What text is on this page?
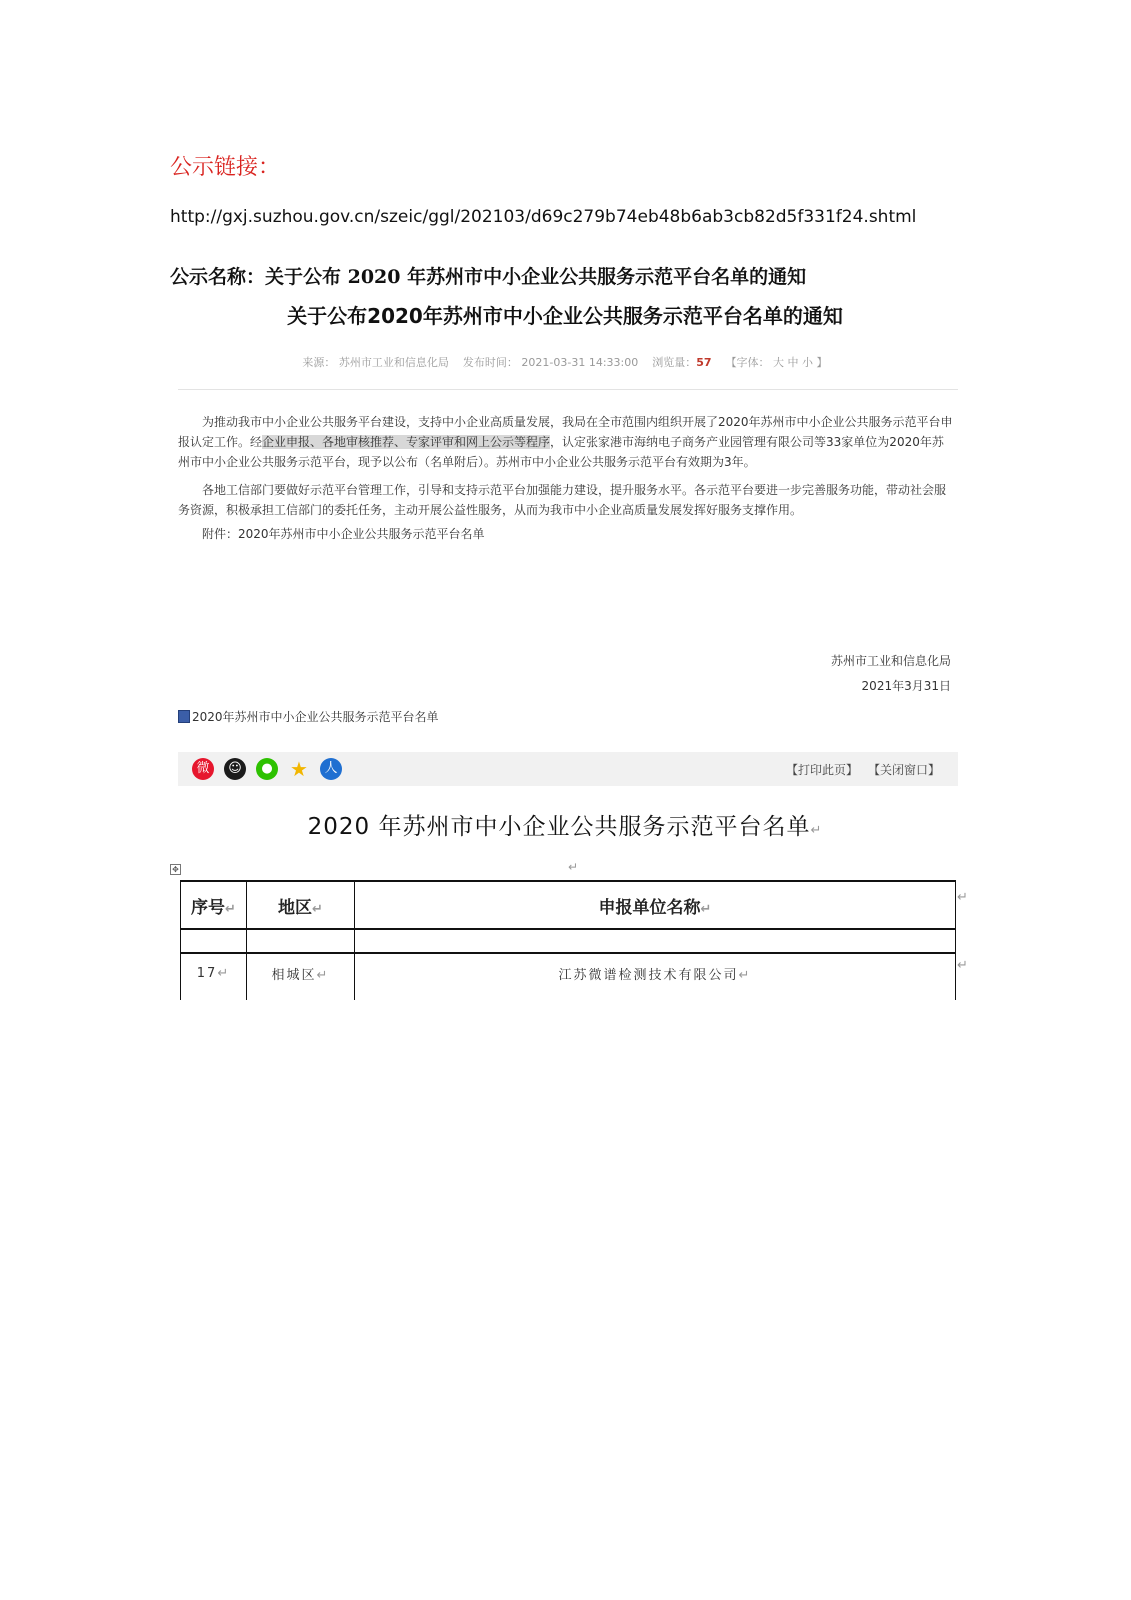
公示链接：
http://gxj.suzhou.gov.cn/szeic/ggl/202103/d69c279b74eb48b6ab3cb82d5f331f24.shtml
公示名称：关于公布 2020 年苏州市中小企业公共服务示范平台名单的通知
关于公布2020年苏州市中小企业公共服务示范平台名单的通知
来源： 苏州市工业和信息化局 发布时间： 2021-03-31 14:33:00 浏览量：57 【字体： 大 中 小 】
为推动我市中小企业公共服务平台建设，支持中小企业高质量发展，我局在全市范围内组织开展了2020年苏州市中小企业公共服务示范平台申报认定工作。经企业申报、各地审核推荐、专家评审和网上公示等程序，认定张家港市海纳电子商务产业园管理有限公司等33家单位为2020年苏州市中小企业公共服务示范平台，现予以公布（名单附后）。苏州市中小企业公共服务示范平台有效期为3年。
各地工信部门要做好示范平台管理工作，引导和支持示范平台加强能力建设，提升服务水平。各示范平台要进一步完善服务功能，带动社会服务资源，积极承担工信部门的委托任务，主动开展公益性服务，从而为我市中小企业高质量发展发挥好服务支撑作用。
附件：2020年苏州市中小企业公共服务示范平台名单
苏州市工业和信息化局
2021年3月31日
2020年苏州市中小企业公共服务示范平台名单
微	☺	● ★	人	【打印此页】 【关闭窗口】
2020 年苏州市中小企业公共服务示范平台名单↵
↵
✥
序号↵	地区↵	申报单位名称↵

17↵	相城区↵	江苏微谱检测技术有限公司↵

↵
↵
